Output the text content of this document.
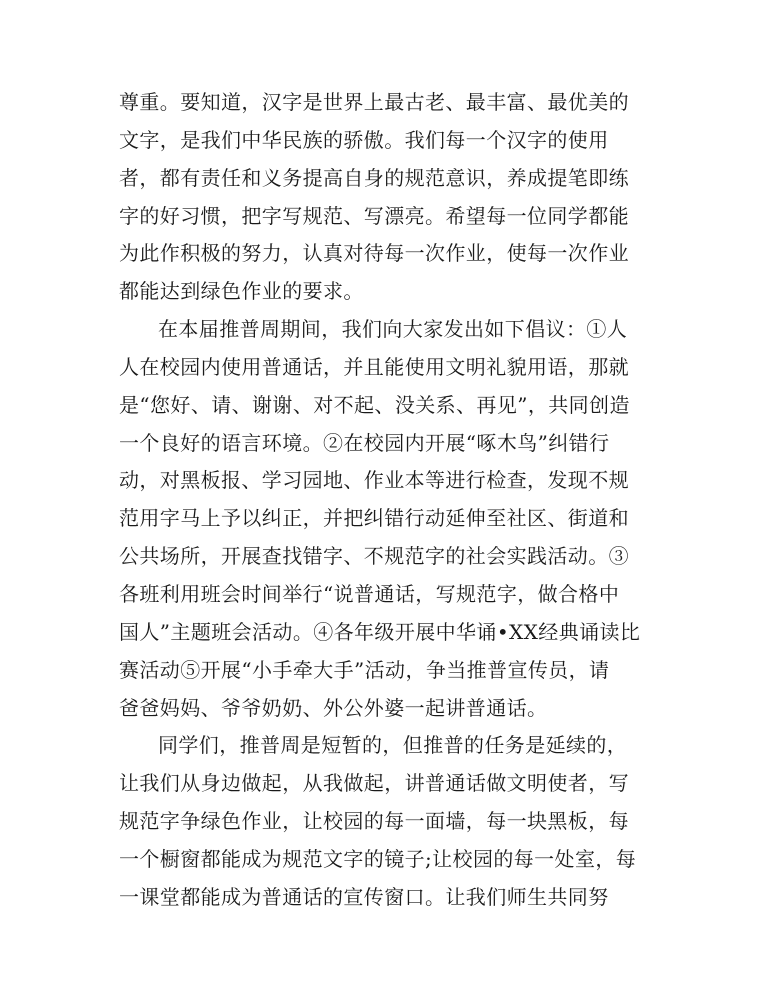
尊重。要知道，汉字是世界上最古老、最丰富、最优美的
文字，是我们中华民族的骄傲。我们每一个汉字的使用
者，都有责任和义务提高自身的规范意识，养成提笔即练
字的好习惯，把字写规范、写漂亮。希望每一位同学都能
为此作积极的努力，认真对待每一次作业，使每一次作业
都能达到绿色作业的要求。
在本届推普周期间，我们向大家发出如下倡议：①人
人在校园内使用普通话，并且能使用文明礼貌用语，那就
是“您好、请、谢谢、对不起、没关系、再见”，共同创造
一个良好的语言环境。②在校园内开展“啄木鸟”纠错行
动，对黑板报、学习园地、作业本等进行检查，发现不规
范用字马上予以纠正，并把纠错行动延伸至社区、街道和
公共场所，开展查找错字、不规范字的社会实践活动。③
各班利用班会时间举行“说普通话，写规范字，做合格中
国人”主题班会活动。④各年级开展中华诵•XX经典诵读比
赛活动⑤开展“小手牵大手”活动，争当推普宣传员，请
爸爸妈妈、爷爷奶奶、外公外婆一起讲普通话。
同学们，推普周是短暂的，但推普的任务是延续的，
让我们从身边做起，从我做起，讲普通话做文明使者，写
规范字争绿色作业，让校园的每一面墙，每一块黑板，每
一个橱窗都能成为规范文字的镜子;让校园的每一处室，每
一课堂都能成为普通话的宣传窗口。让我们师生共同努
